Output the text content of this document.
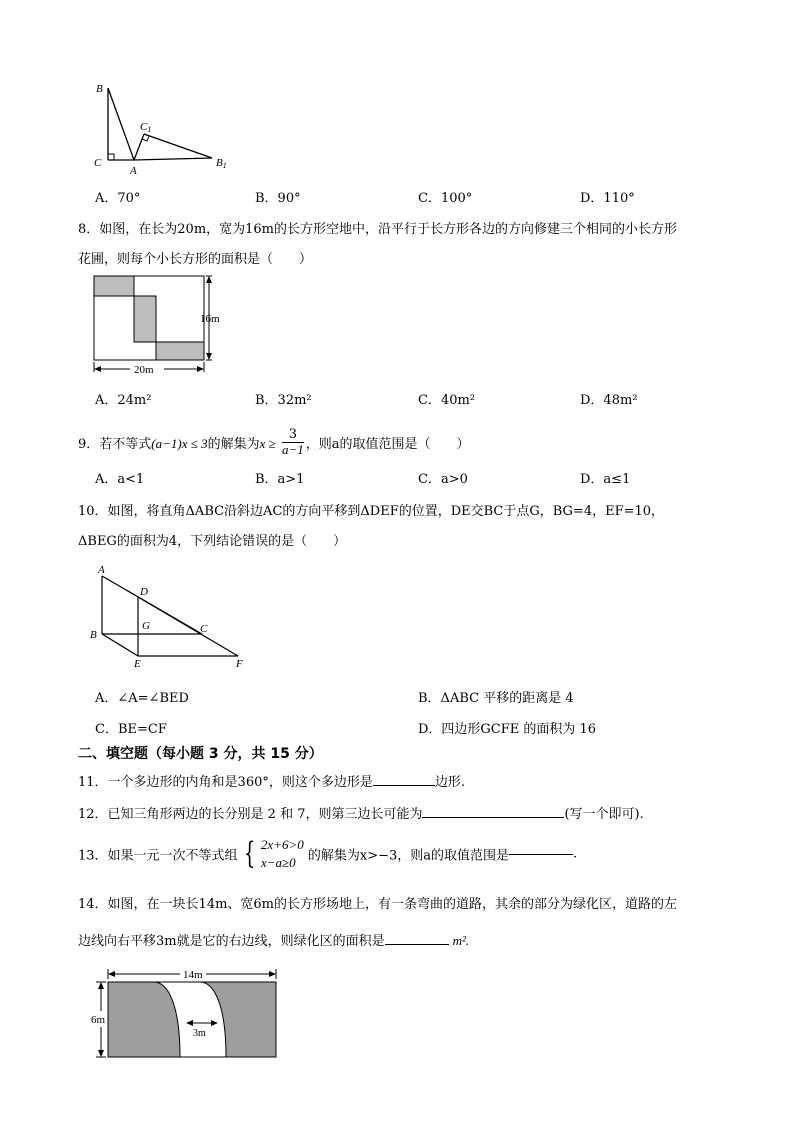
B
C1
C
A
B1
A．70°	B．90°	C．100°	D．110°
8．如图，在长为20m，宽为16m的长方形空地中，沿平行于长方形各边的方向修建三个相同的小长方形
花圃，则每个小长方形的面积是（　　）
16m
20m
A．24m²	B．32m²	C．40m²	D．48m²
9．若不等式(a−1)x ≤ 3的解集为$x \ge \frac{3}{a-1}$ ，则a的取值范围是（　　）
A．a<1	B．a>1	C．a>0	D．a≤1
10．如图，将直角ΔABC沿斜边AC的方向平移到ΔDEF的位置，DE交BC于点G，BG=4，EF=10，
ΔBEG的面积为4，下列结论错误的是（　　）
A
D
G	C
B
E	F
A．∠A=∠BED	B．ΔABC 平移的距离是 4
C．BE=CF	D．四边形GCFE 的面积为 16
二、填空题（每小题 3 分，共 15 分）
11．一个多边形的内角和是360°，则这个多边形是	边形.
12．已知三角形两边的长分别是 2 和 7，则第三边长可能为	(写一个即可).
13．如果一元一次不等式组 { 2x+6>0
x−a≥0 的解集为x>−3，则a的取值范围是	.
14．如图，在一块长14m、宽6m的长方形场地上，有一条弯曲的道路，其余的部分为绿化区，道路的左
边线向右平移3m就是它的右边线，则绿化区的面积是	m².
14m
3m
6m
